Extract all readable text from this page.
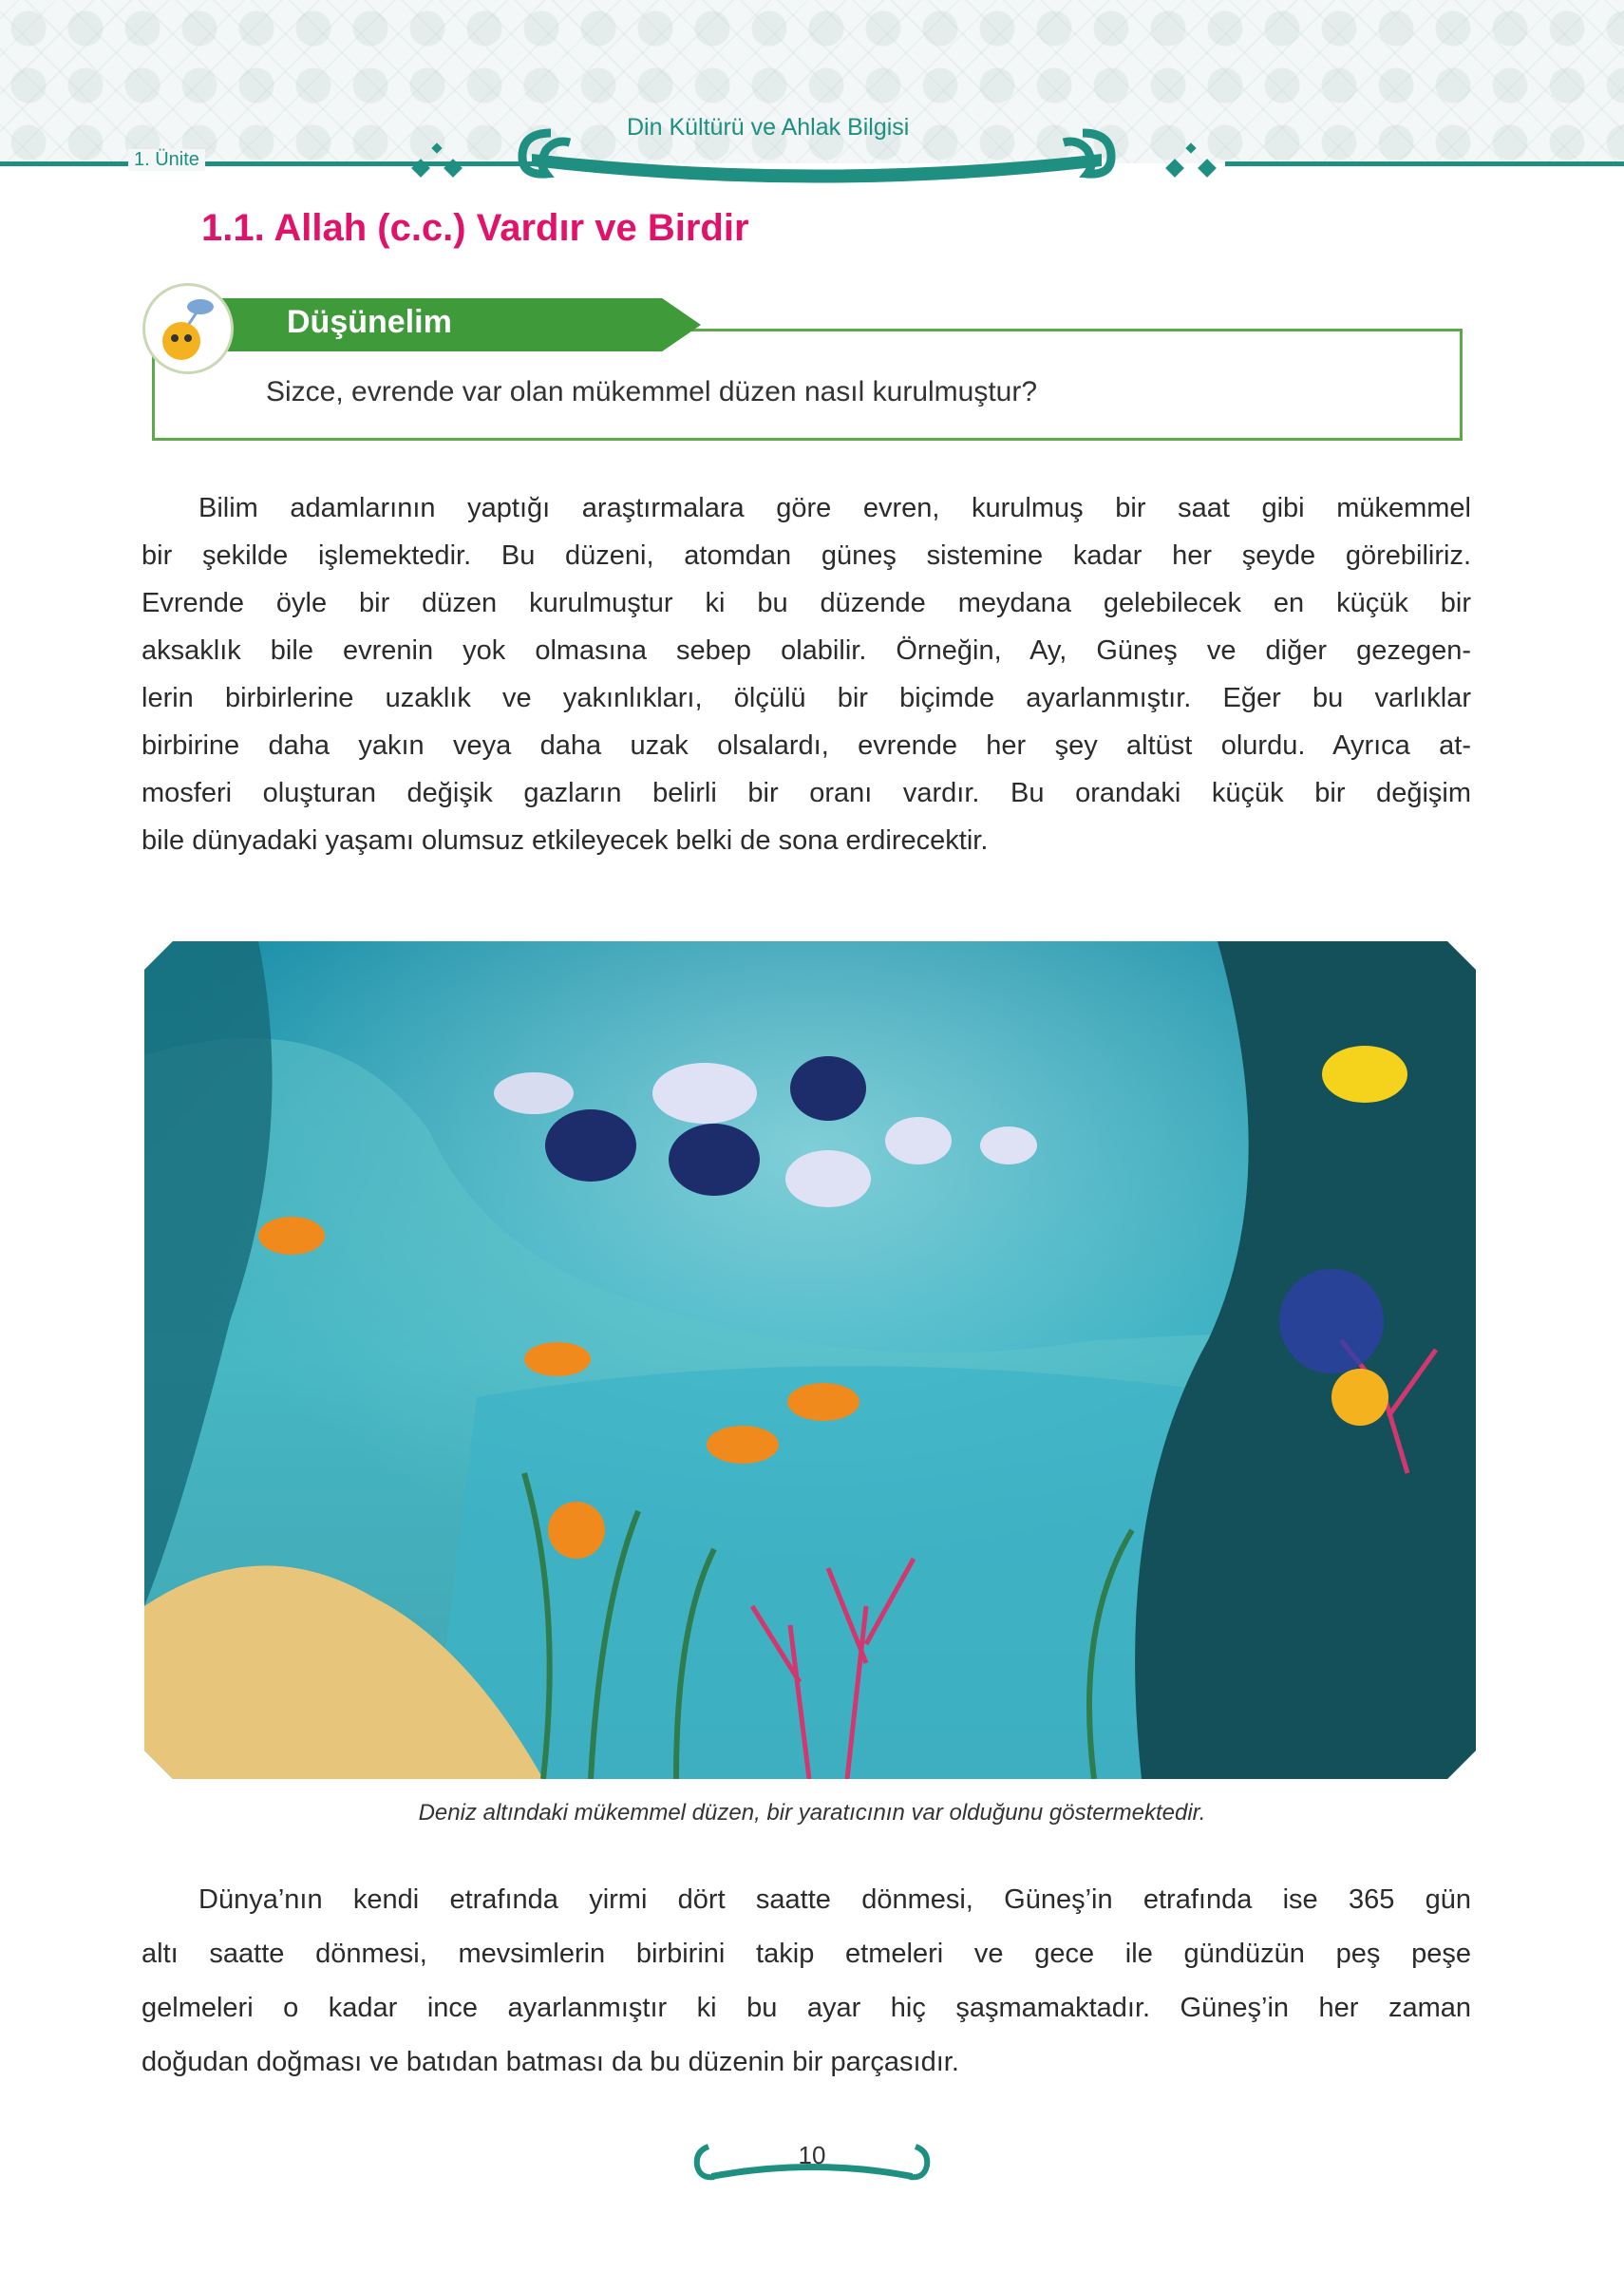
1. Ünite
Din Kültürü ve Ahlak Bilgisi
1.1. Allah (c.c.) Vardır ve Birdir
Düşünelim
Sizce, evrende var olan mükemmel düzen nasıl kurulmuştur?
Bilim adamlarının yaptığı araştırmalara göre evren, kurulmuş bir saat gibi mükemmel
bir şekilde işlemektedir. Bu düzeni, atomdan güneş sistemine kadar her şeyde görebiliriz.
Evrende öyle bir düzen kurulmuştur ki bu düzende meydana gelebilecek en küçük bir
aksaklık bile evrenin yok olmasına sebep olabilir. Örneğin, Ay, Güneş ve diğer gezegen-
lerin birbirlerine uzaklık ve yakınlıkları, ölçülü bir biçimde ayarlanmıştır. Eğer bu varlıklar
birbirine daha yakın veya daha uzak olsalardı, evrende her şey altüst olurdu. Ayrıca at-
mosferi oluşturan değişik gazların belirli bir oranı vardır. Bu orandaki küçük bir değişim
bile dünyadaki yaşamı olumsuz etkileyecek belki de sona erdirecektir.
Deniz altındaki mükemmel düzen, bir yaratıcının var olduğunu göstermektedir.
Dünya’nın kendi etrafında yirmi dört saatte dönmesi, Güneş’in etrafında ise 365 gün
altı saatte dönmesi, mevsimlerin birbirini takip etmeleri ve gece ile gündüzün peş peşe
gelmeleri o kadar ince ayarlanmıştır ki bu ayar hiç şaşmamaktadır. Güneş’in her zaman
doğudan doğması ve batıdan batması da bu düzenin bir parçasıdır.
10
